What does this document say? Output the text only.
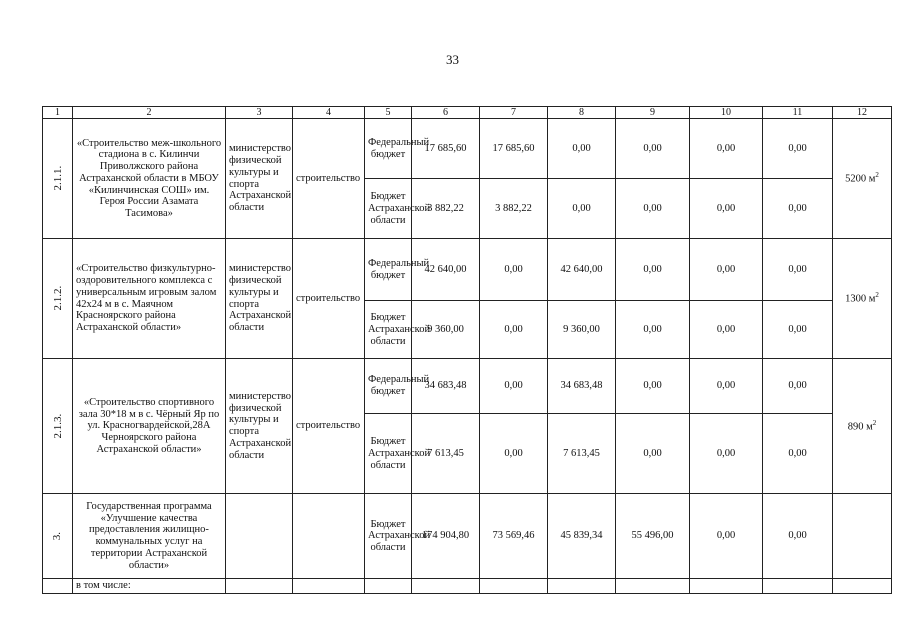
33
1	2	3	4	5	6	7	8	9	10	11	12
2.1.1.	«Строительство меж-школьного стадиона в с. Килинчи Приволжского района Астраханской области в МБОУ «Килинчинская СОШ» им. Героя России Азамата Тасимова»	министерство физической культуры и спорта Астраханской области	строительство	Федеральный бюджет	17 685,60	17 685,60	0,00	0,00	0,00	0,00	5200 $м^2$
				Бюджет Астраханской области	3 882,22	3 882,22	0,00	0,00	0,00	0,00	
2.1.2.	«Строительство физкультурно-оздоровительного комплекса с универсальным игровым залом 42х24 м в с. Маячном Красноярского района Астраханской области»	министерство физической культуры и спорта Астраханской области	строительство	Федеральный бюджет	42 640,00	0,00	42 640,00	0,00	0,00	0,00	1300 $м^2$
				Бюджет Астраханской области	9 360,00	0,00	9 360,00	0,00	0,00	0,00	
2.1.3.	«Строительство спортивного зала 30*18 м в с. Чёрный Яр по ул. Красногвардейской,28А Черноярского района Астраханской области»	министерство физической культуры и спорта Астраханской области	строительство	Федеральный бюджет	34 683,48	0,00	34 683,48	0,00	0,00	0,00	890 $м^2$
				Бюджет Астраханской области	7 613,45	0,00	7 613,45	0,00	0,00	0,00	
3.	Государственная программа «Улучшение качества предоставления жилищно-коммунальных услуг на территории Астраханской области»			Бюджет Астраханской области	174 904,80	73 569,46	45 839,34	55 496,00	0,00	0,00	
	в том числе:										
